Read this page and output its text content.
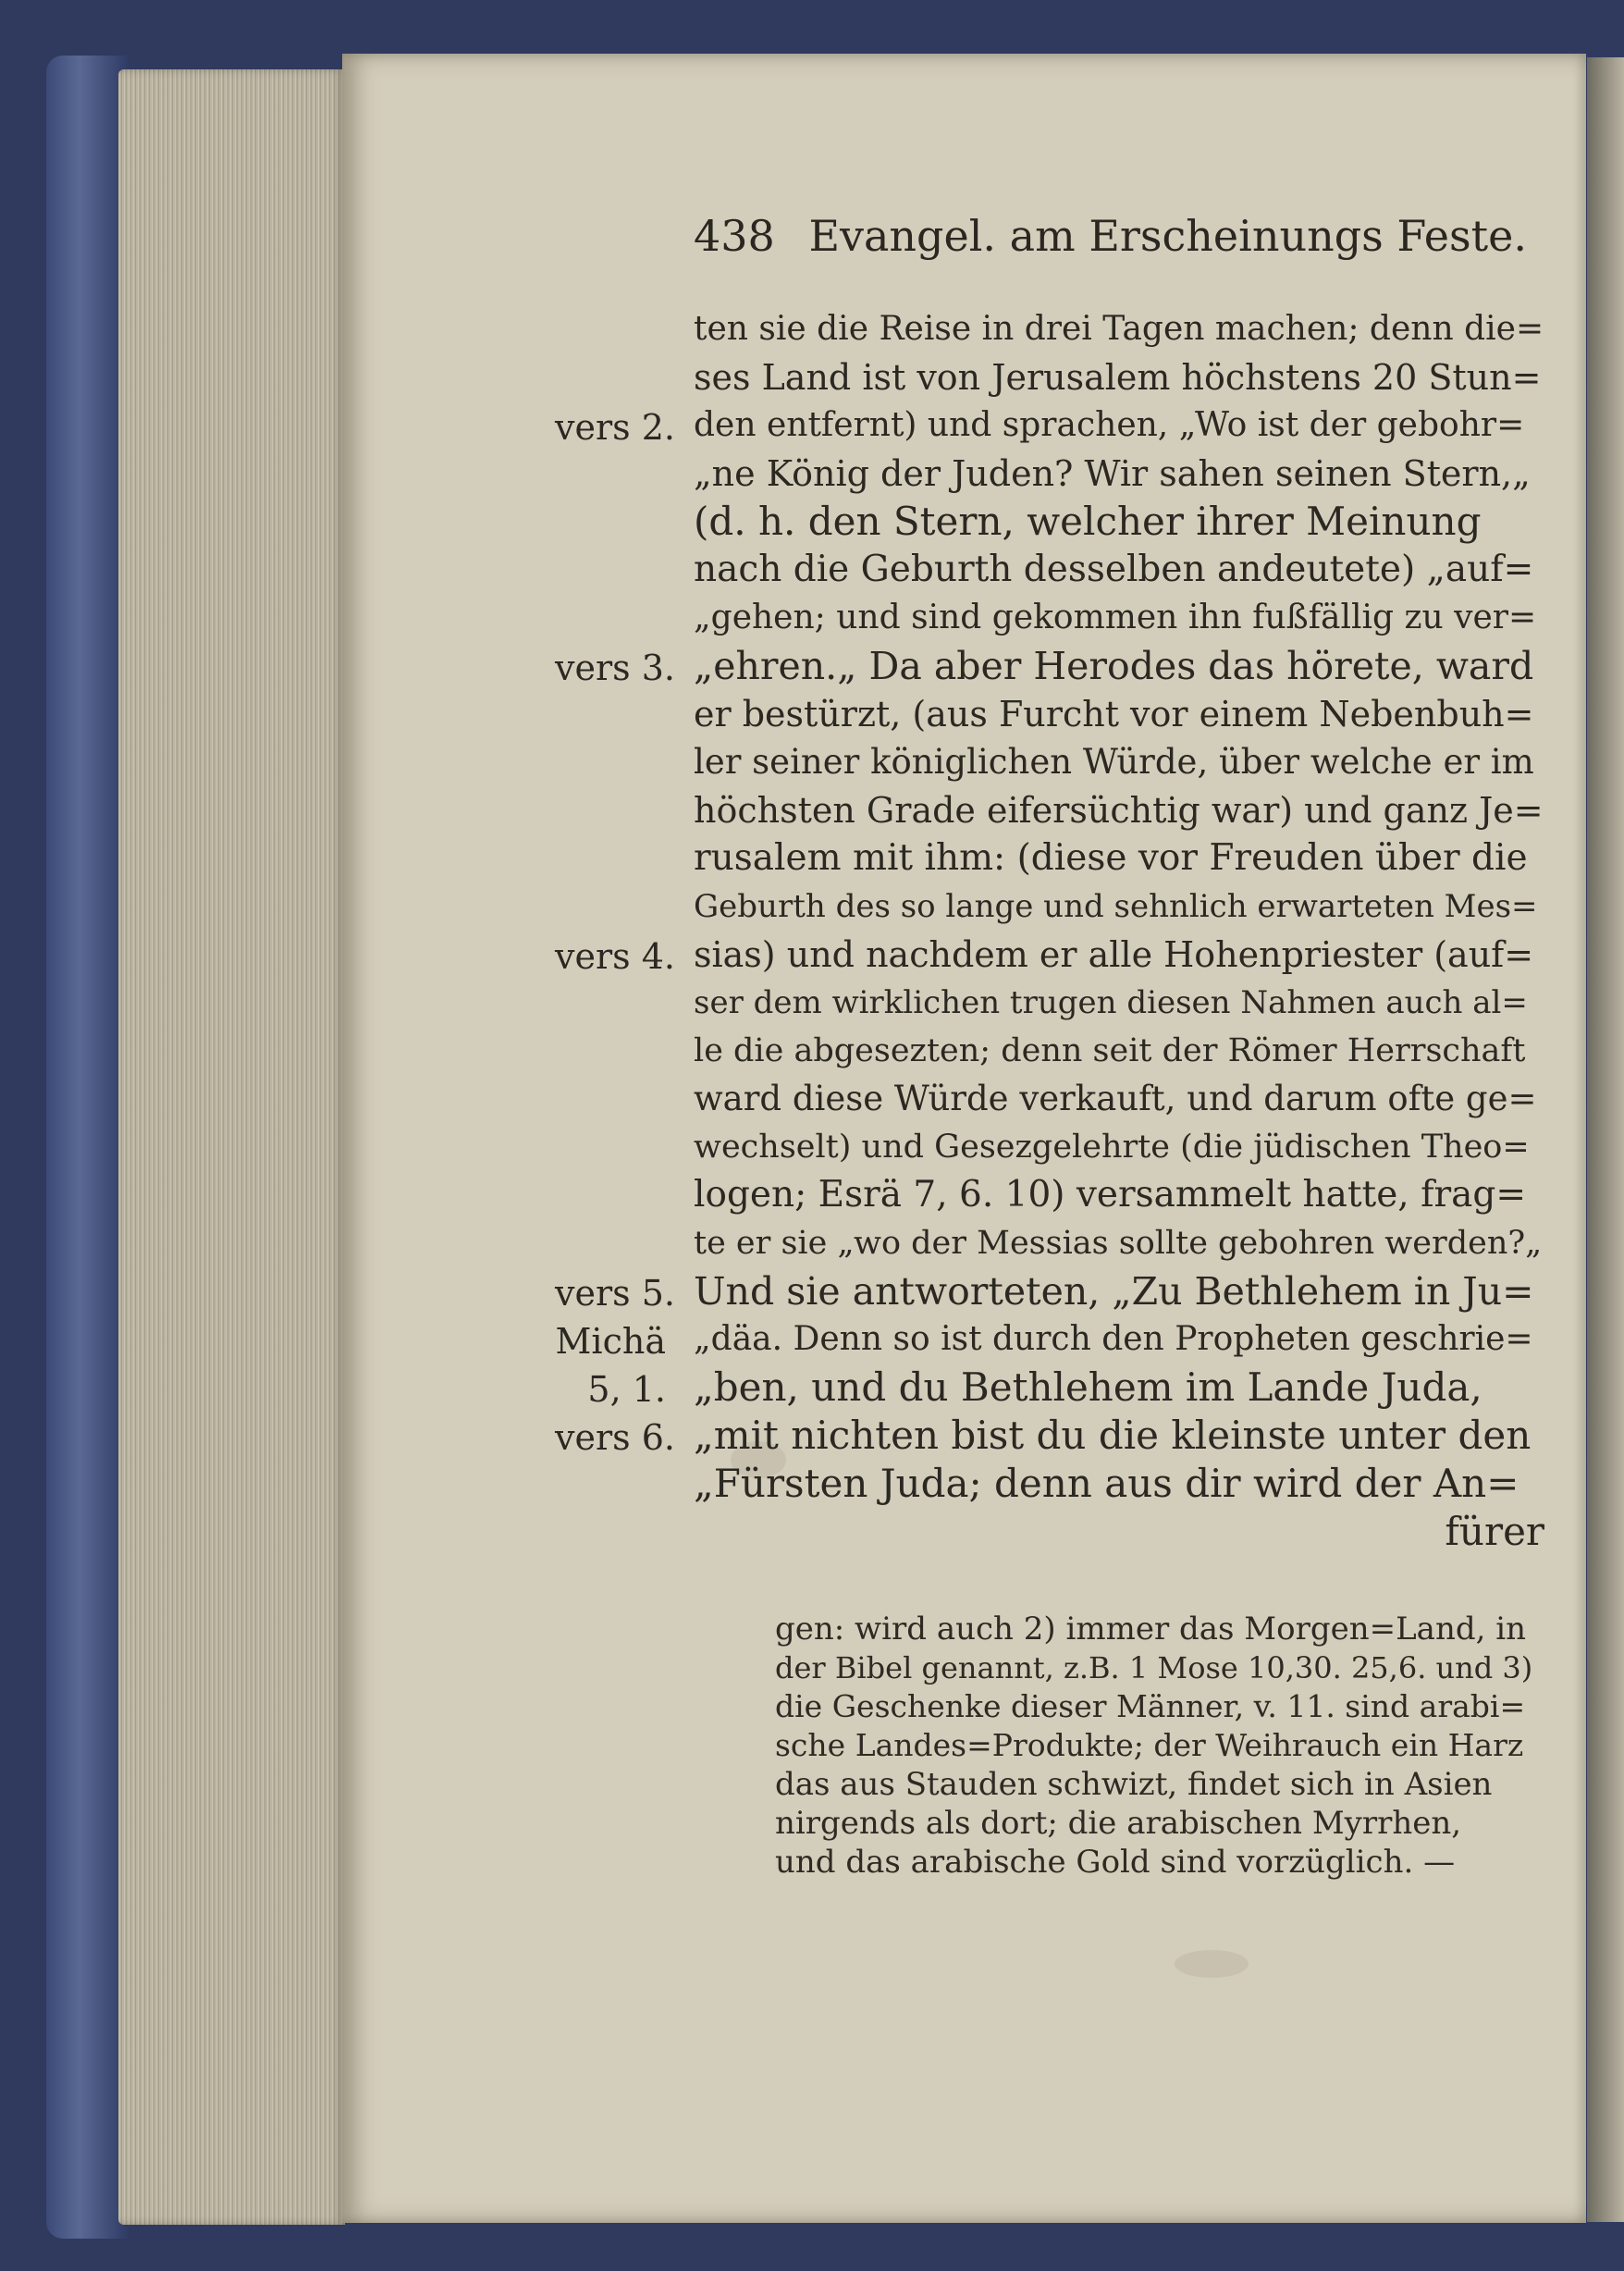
438 Evangel. am Erscheinungs Feste.
ten sie die Reise in drei Tagen machen; denn die=
ses Land ist von Jerusalem höchstens 20 Stun=
den entfernt) und sprachen, „Wo ist der gebohr=
„ne König der Juden? Wir sahen seinen Stern,„
(d. h. den Stern, welcher ihrer Meinung
nach die Geburth desselben andeutete) „auf=
„gehen; und sind gekommen ihn fußfällig zu ver=
„ehren.„ Da aber Herodes das hörete, ward
er bestürzt, (aus Furcht vor einem Nebenbuh=
ler seiner königlichen Würde, über welche er im
höchsten Grade eifersüchtig war) und ganz Je=
rusalem mit ihm: (diese vor Freuden über die
Geburth des so lange und sehnlich erwarteten Mes=
sias) und nachdem er alle Hohenpriester (auf=
ser dem wirklichen trugen diesen Nahmen auch al=
le die abgesezten; denn seit der Römer Herrschaft
ward diese Würde verkauft, und darum ofte ge=
wechselt) und Gesezgelehrte (die jüdischen Theo=
logen; Esrä 7, 6. 10) versammelt hatte, frag=
te er sie „wo der Messias sollte gebohren werden?„
Und sie antworteten, „Zu Bethlehem in Ju=
„däa. Denn so ist durch den Propheten geschrie=
„ben, und du Bethlehem im Lande Juda,
„mit nichten bist du die kleinste unter den
„Fürsten Juda; denn aus dir wird der An=
fürer
vers 2.
vers 3.
vers 4.
vers 5.
Michä
5, 1.
vers 6.
gen: wird auch 2) immer das Morgen=Land, in
der Bibel genannt, z.B. 1 Mose 10,30. 25,6. und 3)
die Geschenke dieser Männer, v. 11. sind arabi=
sche Landes=Produkte; der Weihrauch ein Harz
das aus Stauden schwizt, findet sich in Asien
nirgends als dort; die arabischen Myrrhen,
und das arabische Gold sind vorzüglich. —
